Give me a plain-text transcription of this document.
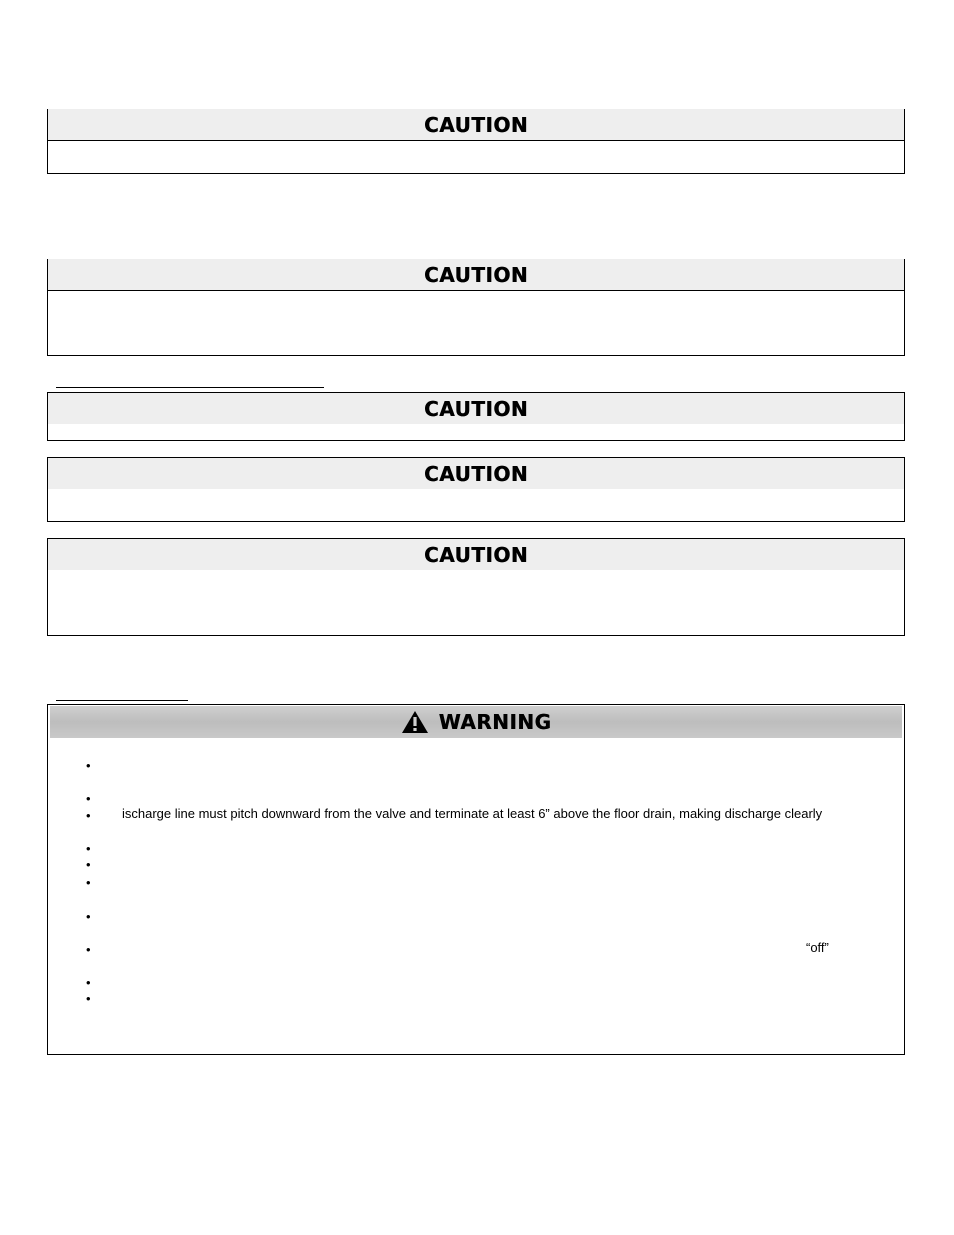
CAUTION
CAUTION
CAUTION
CAUTION
CAUTION
WARNING
•
•
• ischarge line must pitch downward from the valve and terminate at least 6” above the floor drain, making discharge clearly
•
•
•
•
•	“off”
•
•
